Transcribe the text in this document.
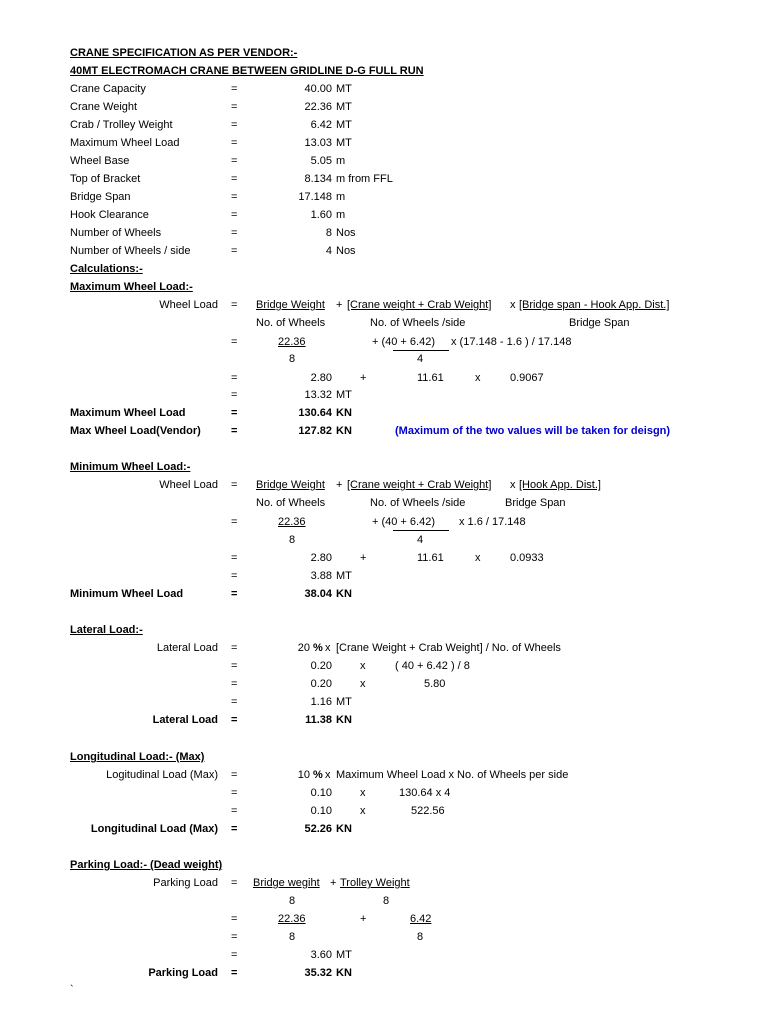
CRANE SPECIFICATION AS PER VENDOR:-
40MT ELECTROMACH CRANE BETWEEN GRIDLINE D-G FULL RUN
Crane Capacity	=	40.00 MT
Crane Weight	=	22.36 MT
Crab / Trolley Weight	=	6.42 MT
Maximum Wheel Load	=	13.03 MT
Wheel Base	=	5.05 m
Top of Bracket	=	8.134 m from FFL
Bridge Span	=	17.148 m
Hook Clearance	=	1.60 m
Number of Wheels	=	8 Nos
Number of Wheels / side	=	4 Nos
Calculations:-
Maximum Wheel Load:-
Wheel Load = Bridge Weight + [Crane weight + Crab Weight] x [Bridge span - Hook App. Dist.]
No. of Wheels	No. of Wheels /side	Bridge Span
=	22.36	+ (40 + 6.42) x (17.148 - 1.6 ) / 17.148
8	4
=	2.80	+	11.61	x	0.9067
=	13.32 MT
Maximum Wheel Load	=	130.64 KN
Max Wheel Load(Vendor)	=	127.82 KN	(Maximum of the two values will be taken for deisgn)
Minimum Wheel Load:-
Wheel Load = Bridge Weight + [Crane weight + Crab Weight] x [Hook App. Dist.]
No. of Wheels	No. of Wheels /side	Bridge Span
=	22.36	+ (40 + 6.42) x 1.6 / 17.148
8	4
=	2.80	+	11.61	x	0.0933
=	3.88 MT
Minimum Wheel Load	=	38.04 KN
Lateral Load:-
Lateral Load =	20 % x [Crane Weight + Crab Weight] / No. of Wheels
=	0.20	x	( 40 + 6.42 ) / 8
=	0.20	x	5.80
=	1.16 MT
Lateral Load =	11.38 KN
Longitudinal Load:- (Max)
Logitudinal Load (Max) =	10 % x Maximum Wheel Load x No. of Wheels per side
=	0.10	x	130.64 x 4
=	0.10	x	522.56
Longitudinal Load (Max) =	52.26 KN
Parking Load:- (Dead weight)
Parking Load = Bridge wegiht + Trolley Weight
8	8
=	22.36	+	6.42
=	8	8
=	3.60 MT
Parking Load =	35.32 KN
`
